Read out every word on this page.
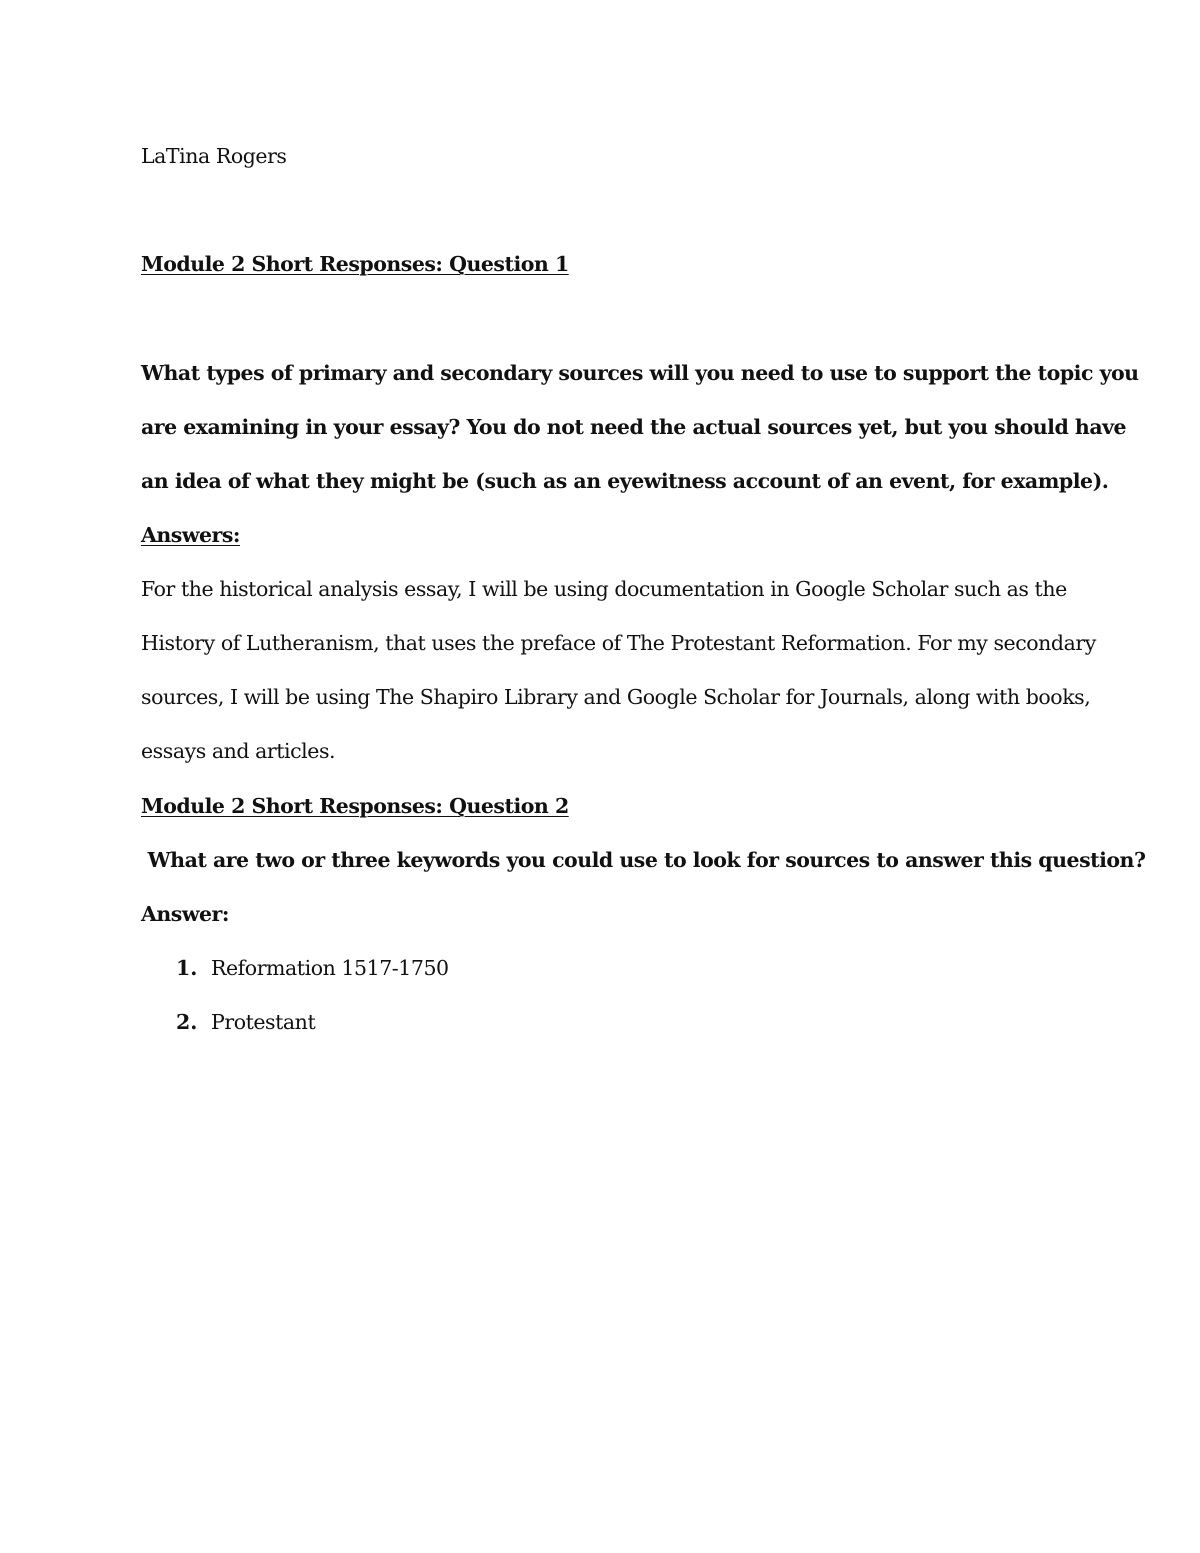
LaTina Rogers
Module 2 Short Responses: Question 1
What types of primary and secondary sources will you need to use to support the topic you
are examining in your essay? You do not need the actual sources yet, but you should have
an idea of what they might be (such as an eyewitness account of an event, for example).
Answers:
For the historical analysis essay, I will be using documentation in Google Scholar such as the
History of Lutheranism, that uses the preface of The Protestant Reformation. For my secondary
sources, I will be using The Shapiro Library and Google Scholar for Journals, along with books,
essays and articles.
Module 2 Short Responses: Question 2
What are two or three keywords you could use to look for sources to answer this question?
Answer:
1. Reformation 1517-1750
2. Protestant
